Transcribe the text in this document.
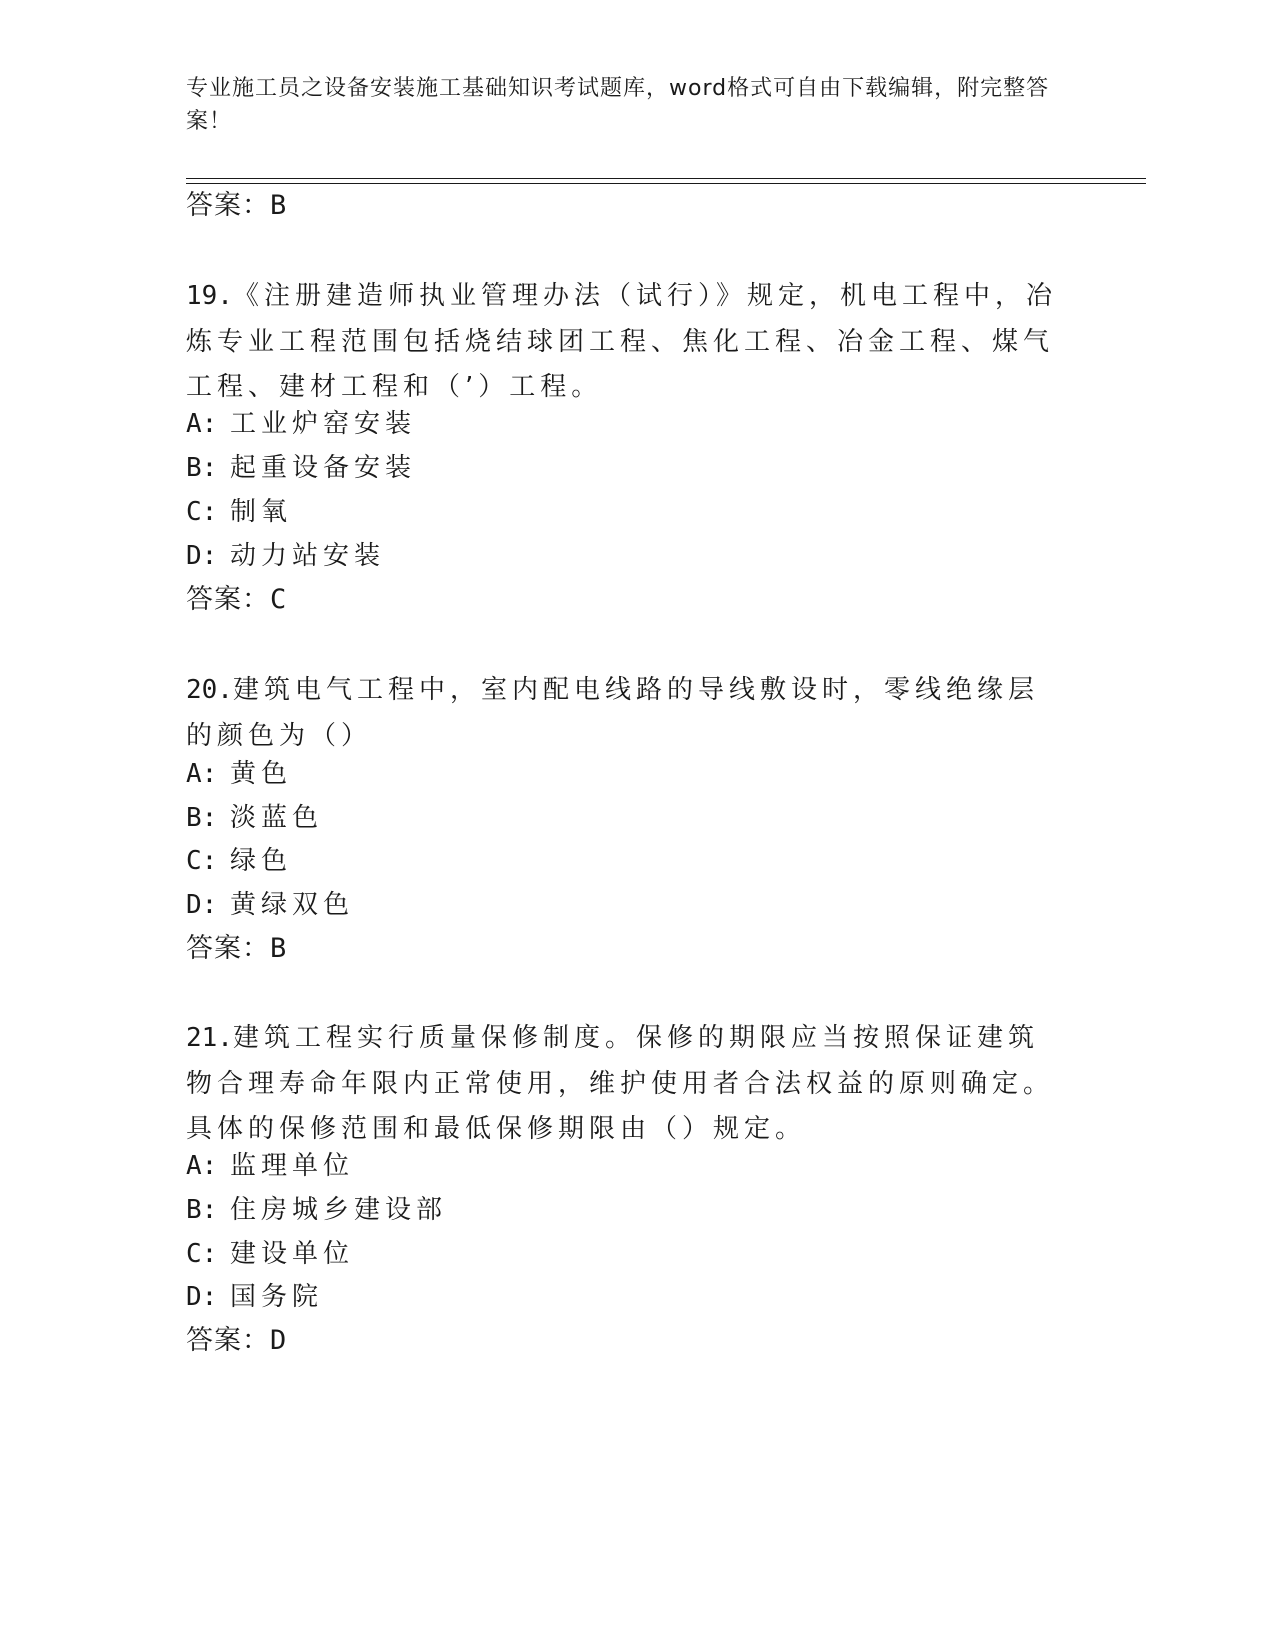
专业施工员之设备安装施工基础知识考试题库，word格式可自由下载编辑，附完整答案！
答案：B
19.《注册建造师执业管理办法（试行）》规定，机电工程中，冶炼专业工程范围包括烧结球团工程、焦化工程、冶金工程、煤气工程、建材工程和（’）工程。
A: 工业炉窑安装
B: 起重设备安装
C: 制氧
D: 动力站安装
答案：C
20.建筑电气工程中，室内配电线路的导线敷设时，零线绝缘层的颜色为（）
A: 黄色
B: 淡蓝色
C: 绿色
D: 黄绿双色
答案：B
21.建筑工程实行质量保修制度。保修的期限应当按照保证建筑物合理寿命年限内正常使用，维护使用者合法权益的原则确定。具体的保修范围和最低保修期限由（）规定。
A: 监理单位
B: 住房城乡建设部
C: 建设单位
D: 国务院
答案：D
